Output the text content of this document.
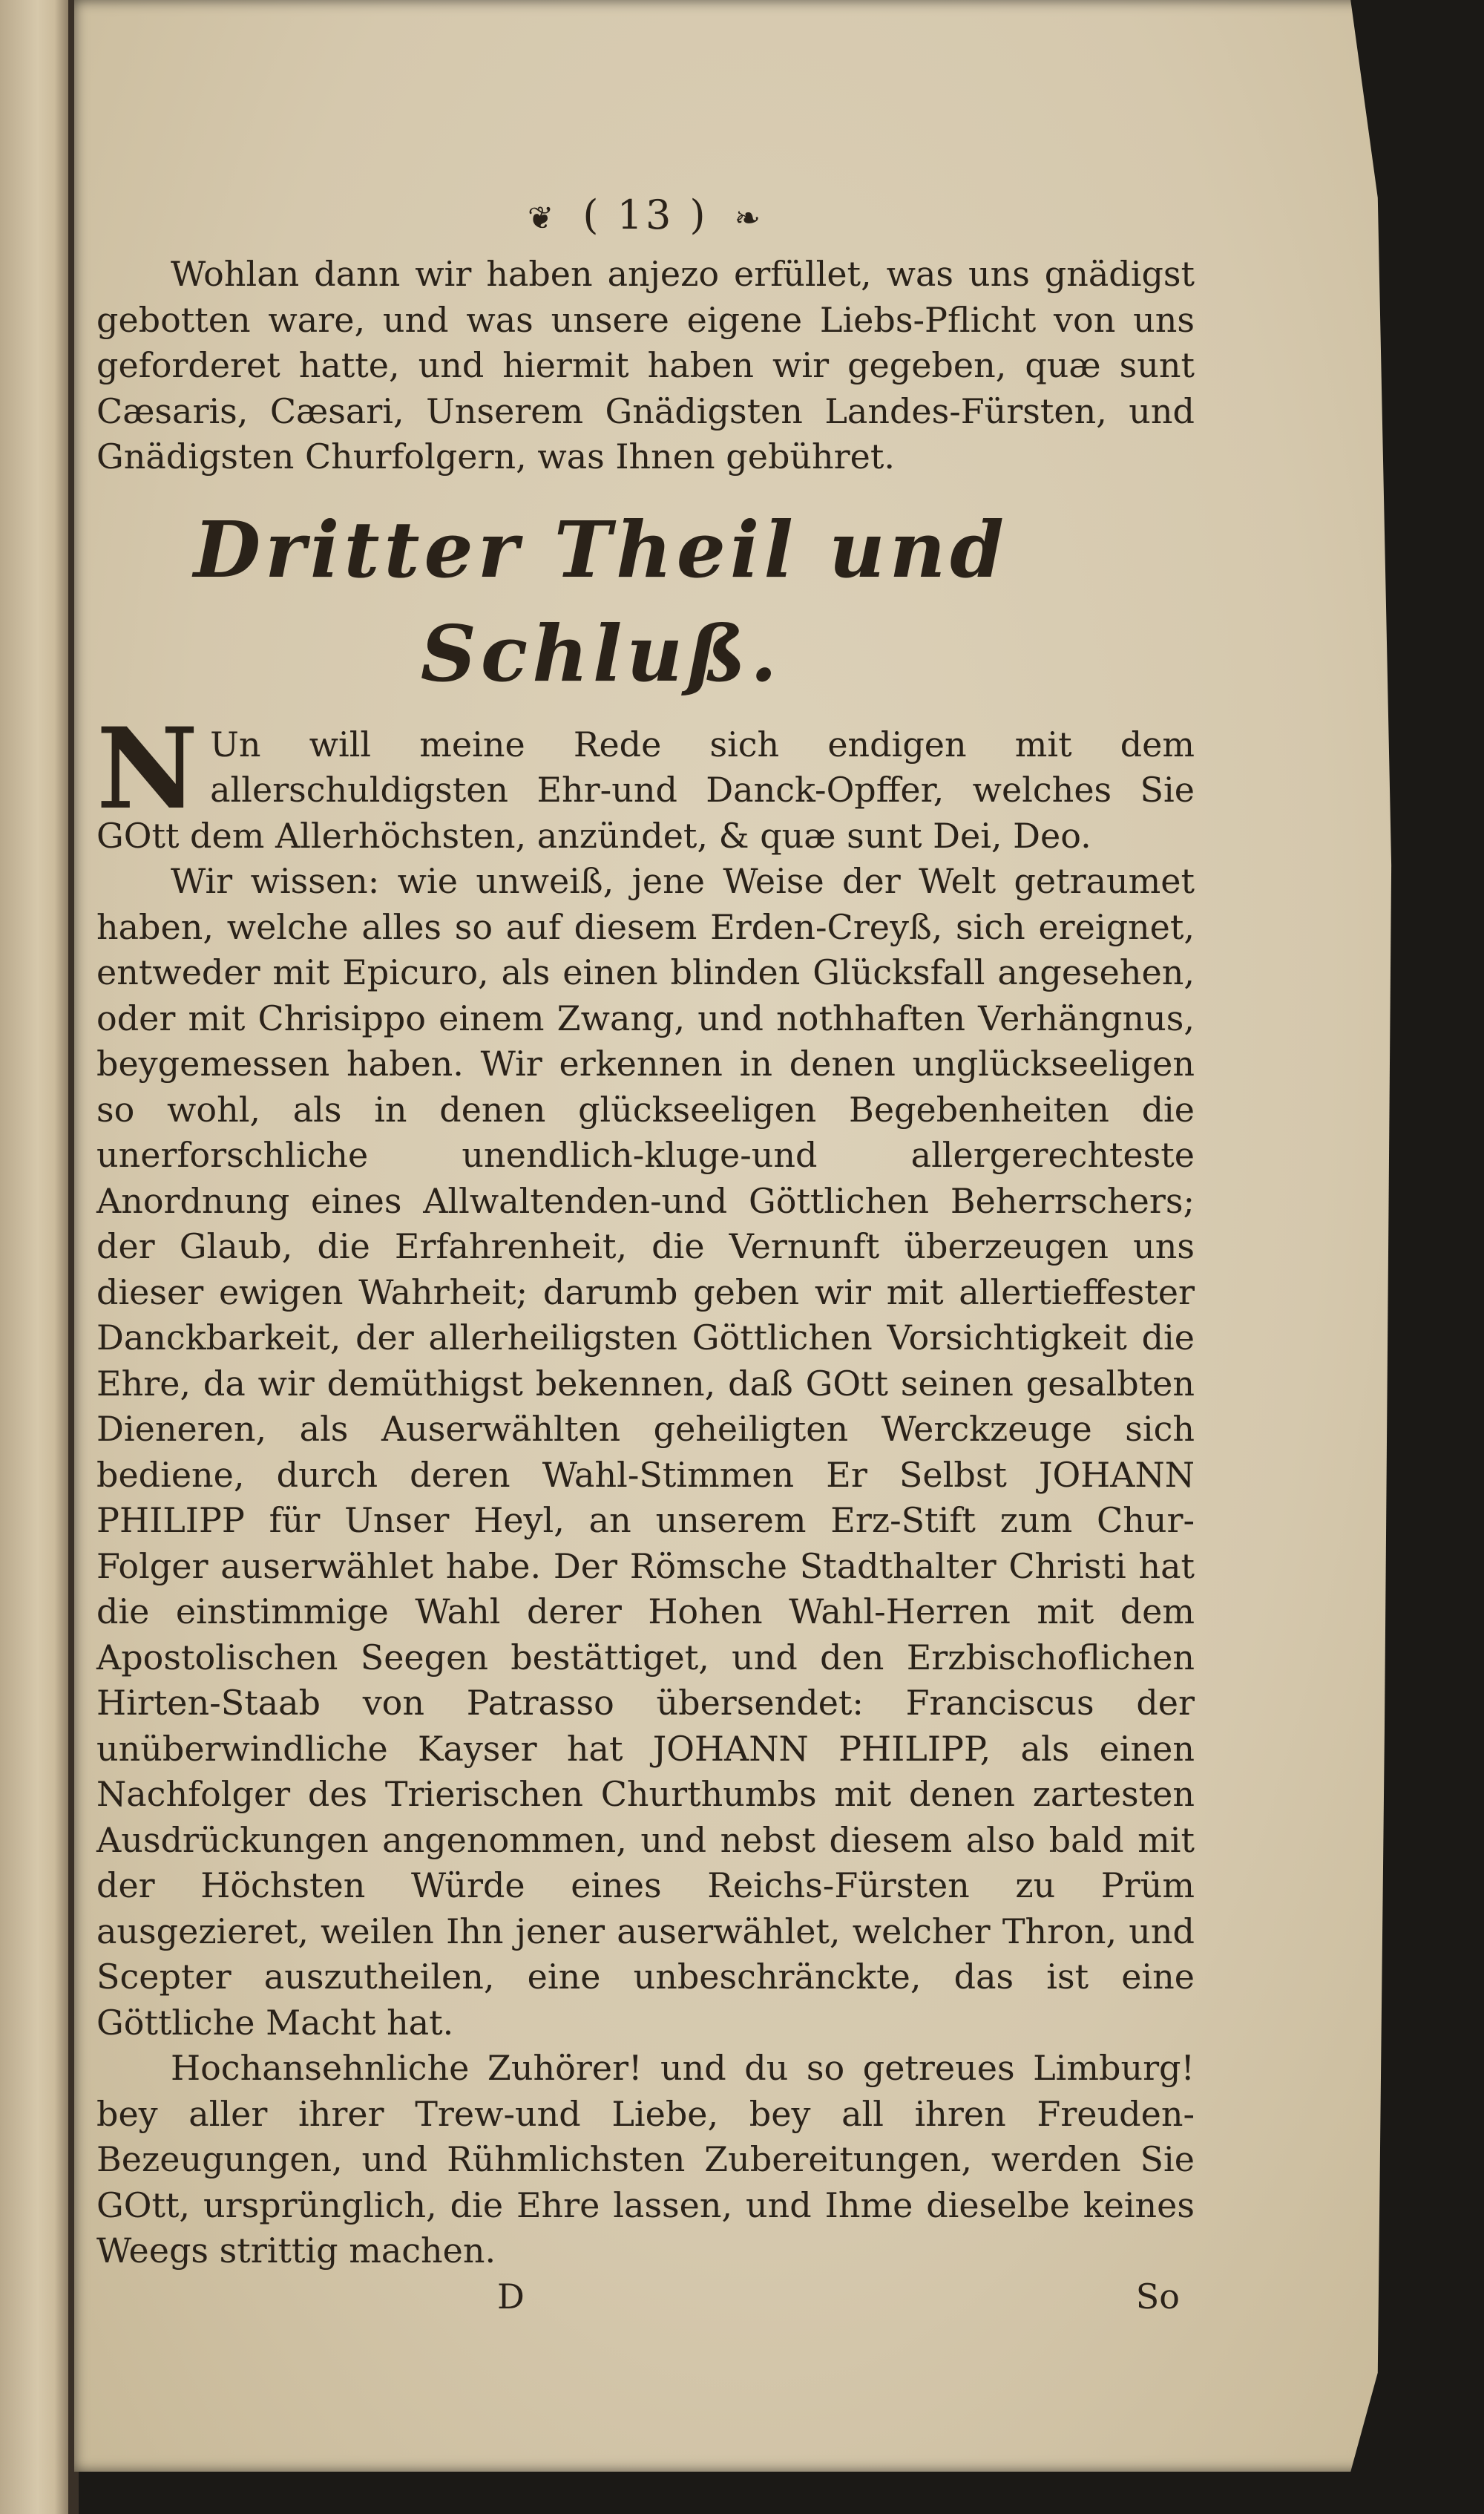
❦ ( 13 ) ❧

Wohlan dann wir haben anjezo erfüllet, was uns gnädigst gebotten ware, und was unsere eigene Liebs-Pflicht von uns geforderet hatte, und hiermit haben wir gegeben, quæ sunt Cæsaris, Cæsari, Unserem Gnädigsten Landes-Fürsten, und Gnädigsten Churfolgern, was Ihnen gebühret.

Dritter Theil und Schluß.

N Un will meine Rede sich endigen mit dem allerschuldigsten Ehr-und Danck-Opffer, welches Sie GOtt dem Allerhöchsten, anzündet, & quæ sunt Dei, Deo.

Wir wissen: wie unweiß, jene Weise der Welt getraumet haben, welche alles so auf diesem Erden-Creyß, sich ereignet, entweder mit Epicuro, als einen blinden Glücksfall angesehen, oder mit Chrisippo einem Zwang, und nothhaften Verhängnus, beygemessen haben. Wir erkennen in denen unglückseeligen so wohl, als in denen glückseeligen Begebenheiten die unerforschliche unendlich-kluge-und allergerechteste Anordnung eines Allwaltenden-und Göttlichen Beherrschers; der Glaub, die Erfahrenheit, die Vernunft überzeugen uns dieser ewigen Wahrheit; darumb geben wir mit allertieffester Danckbarkeit, der allerheiligsten Göttlichen Vorsichtigkeit die Ehre, da wir demüthigst bekennen, daß GOtt seinen gesalbten Dieneren, als Auserwählten geheiligten Werckzeuge sich bediene, durch deren Wahl-Stimmen Er Selbst JOHANN PHILIPP für Unser Heyl, an unserem Erz-Stift zum Chur-Folger auserwählet habe. Der Römsche Stadthalter Christi hat die einstimmige Wahl derer Hohen Wahl-Herren mit dem Apostolischen Seegen bestättiget, und den Erzbischoflichen Hirten-Staab von Patrasso übersendet: Franciscus der unüberwindliche Kayser hat JOHANN PHILIPP, als einen Nachfolger des Trierischen Churthumbs mit denen zartesten Ausdrückungen angenommen, und nebst diesem also bald mit der Höchsten Würde eines Reichs-Fürsten zu Prüm ausgezieret, weilen Ihn jener auserwählet, welcher Thron, und Scepter auszutheilen, eine unbeschränckte, das ist eine Göttliche Macht hat.

Hochansehnliche Zuhörer! und du so getreues Limburg! bey aller ihrer Trew-und Liebe, bey all ihren Freuden-Bezeugungen, und Rühmlichsten Zubereitungen, werden Sie GOtt, ursprünglich, die Ehre lassen, und Ihme dieselbe keines Weegs strittig machen.

D	So
